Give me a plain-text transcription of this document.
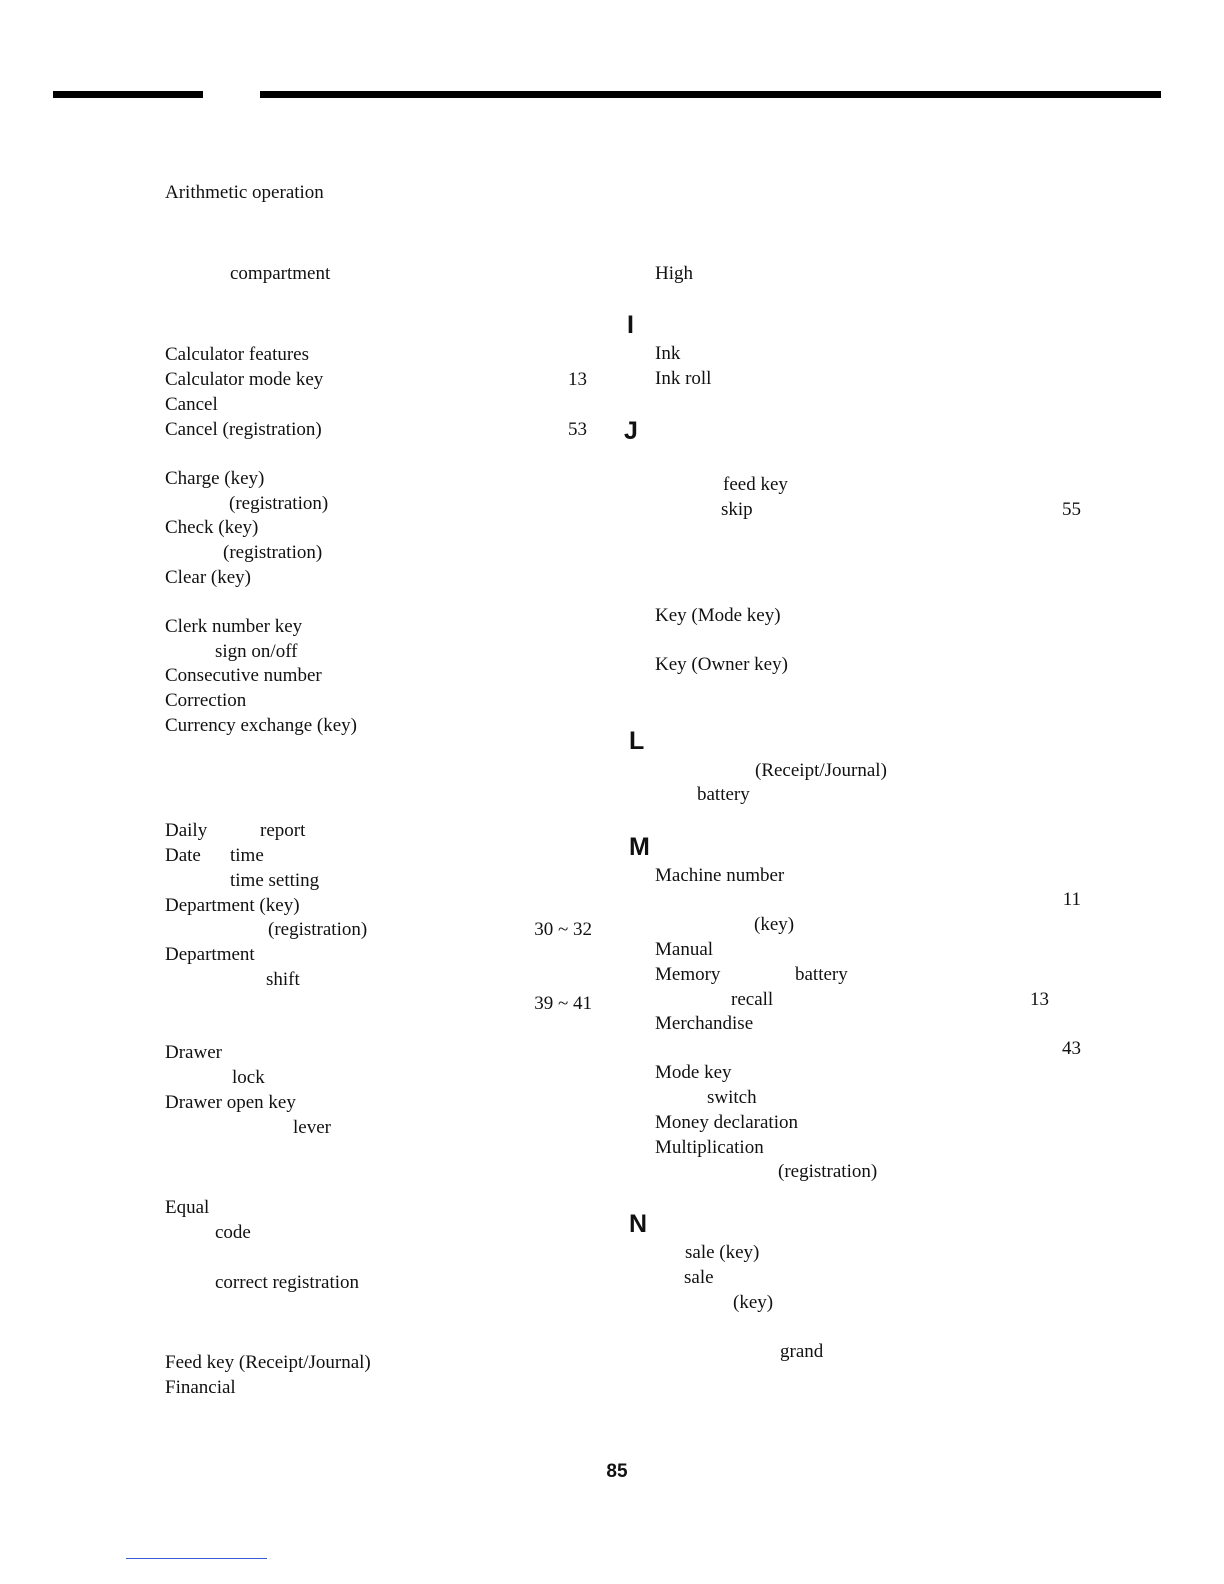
Arithmetic operation
compartment
Calculator features
Calculator mode key
Cancel
Cancel (registration)
Charge (key)
(registration)
Check (key)
(registration)
Clear (key)
Clerk number key
sign on/off
Consecutive number
Correction
Currency exchange (key)
Daily	report
Date time
time setting
Department (key)
(registration)
Department
shift
Drawer
lock
Drawer open key
lever
Equal
code
correct registration
Feed key (Receipt/Journal)
Financial
13
53
30 ~ 32
39 ~ 41
I
J
L
M
N
High
Ink
Ink roll
feed key
skip
Key (Mode key)
Key (Owner key)
(Receipt/Journal)
battery
Machine number
(key)
Manual
Memory	battery
recall
Merchandise
Mode key
switch
Money declaration
Multiplication
(registration)
sale (key)
sale
(key)
grand
55
11
13
43
85
